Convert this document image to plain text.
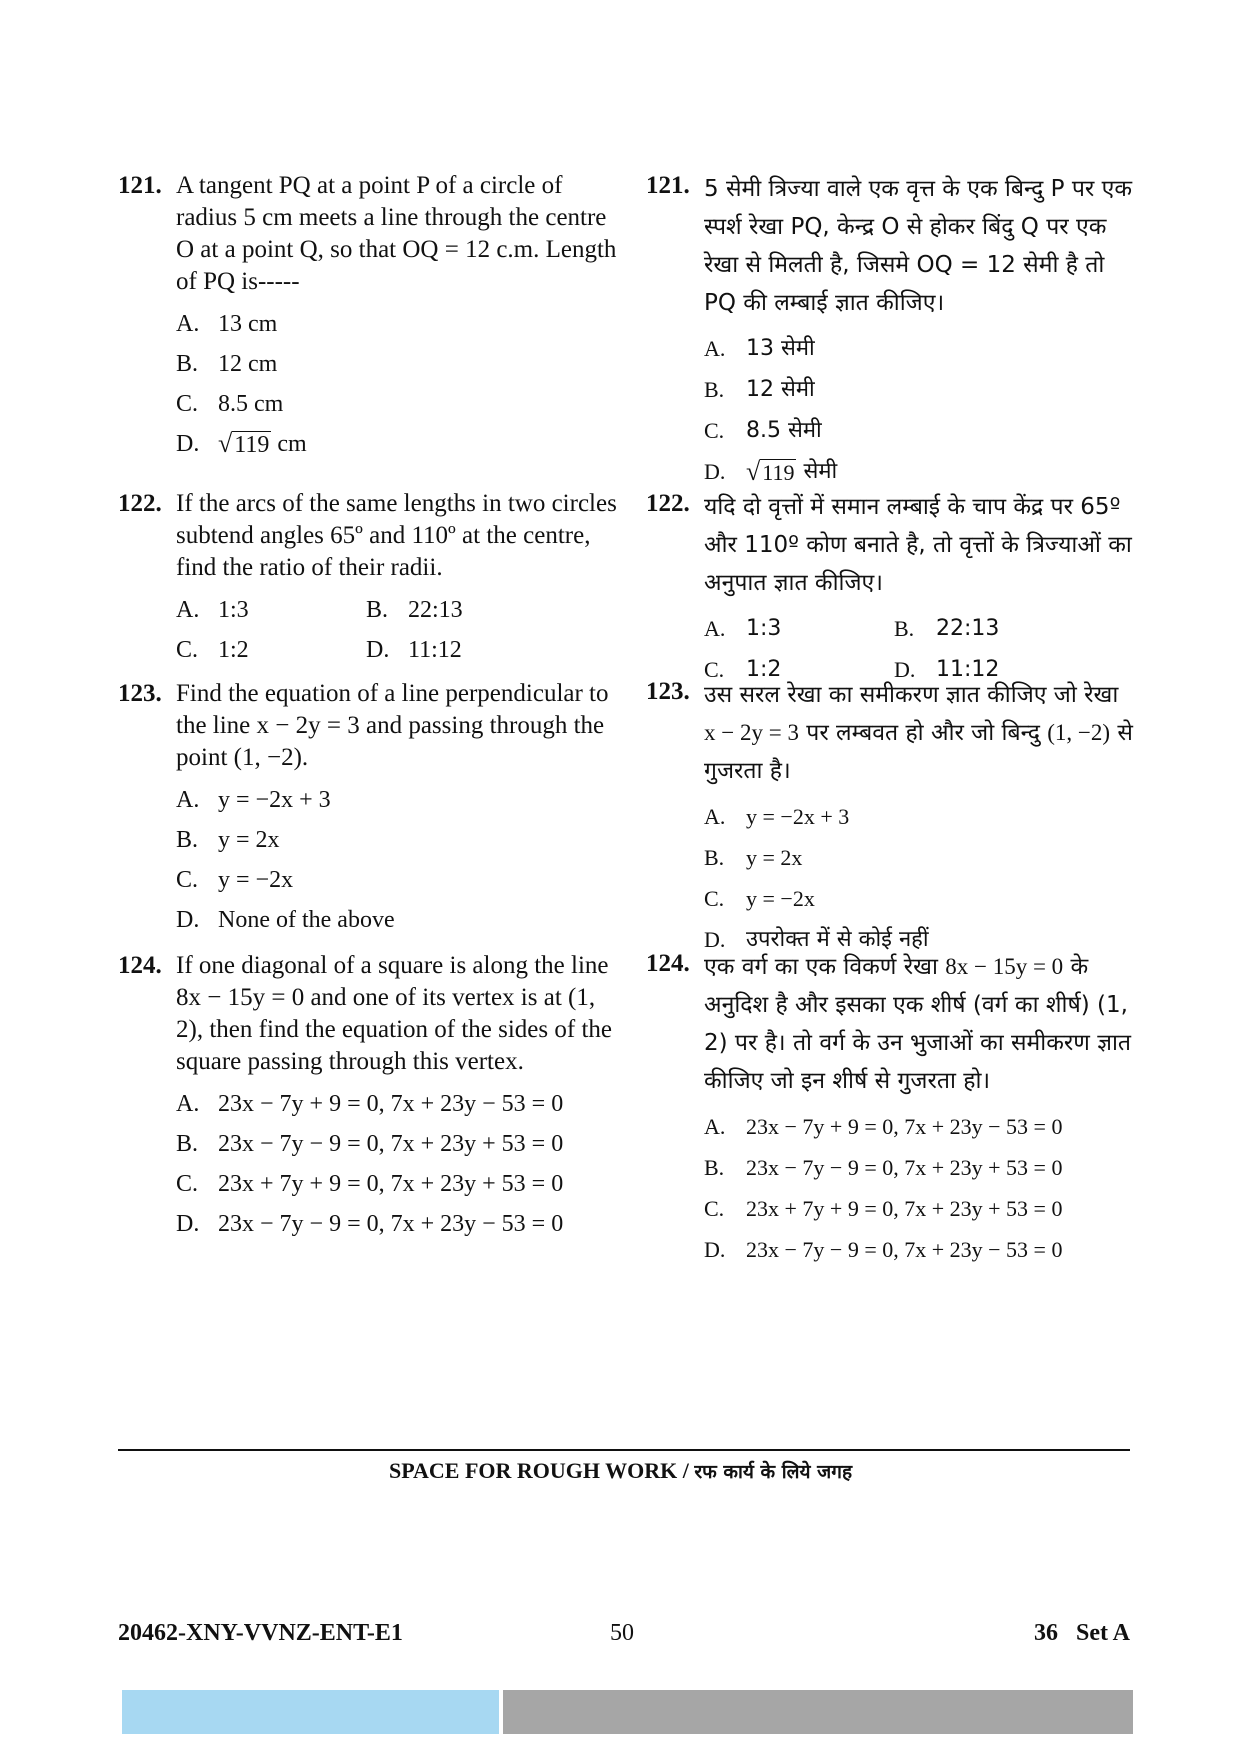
121. A tangent PQ at a point P of a circle of radius 5 cm meets a line through the centre O at a point Q, so that OQ = 12 c.m. Length of PQ is-----
A. 13 cm
B. 12 cm
C. 8.5 cm
D. √119
cm
122. If the arcs of the same lengths in two circles subtend angles 65º and 110º at the centre, find the ratio of their radii.
A. 1:3	B. 22:13
C. 1:2	D. 11:12
123. Find the equation of a line perpendicular to the line x − 2y = 3 and passing through the point (1, −2).
A. y = −2x + 3
B. y = 2x
C. y = −2x
D. None of the above
124. If one diagonal of a square is along the line 8x − 15y = 0 and one of its vertex is at (1, 2), then find the equation of the sides of the square passing through this vertex.
A. 23x − 7y + 9 = 0, 7x + 23y − 53 = 0
B. 23x − 7y − 9 = 0, 7x + 23y + 53 = 0
C. 23x + 7y + 9 = 0, 7x + 23y + 53 = 0
D. 23x − 7y − 9 = 0, 7x + 23y − 53 = 0
121. 5 सेमी त्रिज्या वाले एक वृत्त के एक बिन्दु P पर एक स्पर्श रेखा PQ, केन्द्र O से होकर बिंदु Q पर एक रेखा से मिलती है, जिसमे OQ = 12 सेमी है तो PQ की लम्बाई ज्ञात कीजिए।
A. 13 सेमी
B. 12 सेमी
C. 8.5 सेमी
D. √119
सेमी
122. यदि दो वृत्तों में समान लम्बाई के चाप केंद्र पर 65º और 110º कोण बनाते है, तो वृत्तों के त्रिज्याओं का अनुपात ज्ञात कीजिए।
A. 1:3	B. 22:13
C. 1:2	D. 11:12
123. उस सरल रेखा का समीकरण ज्ञात कीजिए जो रेखा x − 2y = 3 पर लम्बवत हो और जो बिन्दु (1, −2) से गुजरता है।
A. y = −2x + 3
B. y = 2x
C. y = −2x
D. उपरोक्त में से कोई नहीं
124. एक वर्ग का एक विकर्ण रेखा 8x − 15y = 0 के अनुदिश है और इसका एक शीर्ष (वर्ग का शीर्ष) (1, 2) पर है। तो वर्ग के उन भुजाओं का समीकरण ज्ञात कीजिए जो इन शीर्ष से गुजरता हो।
A. 23x − 7y + 9 = 0, 7x + 23y − 53 = 0
B. 23x − 7y − 9 = 0, 7x + 23y + 53 = 0
C. 23x + 7y + 9 = 0, 7x + 23y + 53 = 0
D. 23x − 7y − 9 = 0, 7x + 23y − 53 = 0
SPACE FOR ROUGH WORK / रफ कार्य के लिये जगह
20462-XNY-VVNZ-ENT-E1	50	36   Set A
